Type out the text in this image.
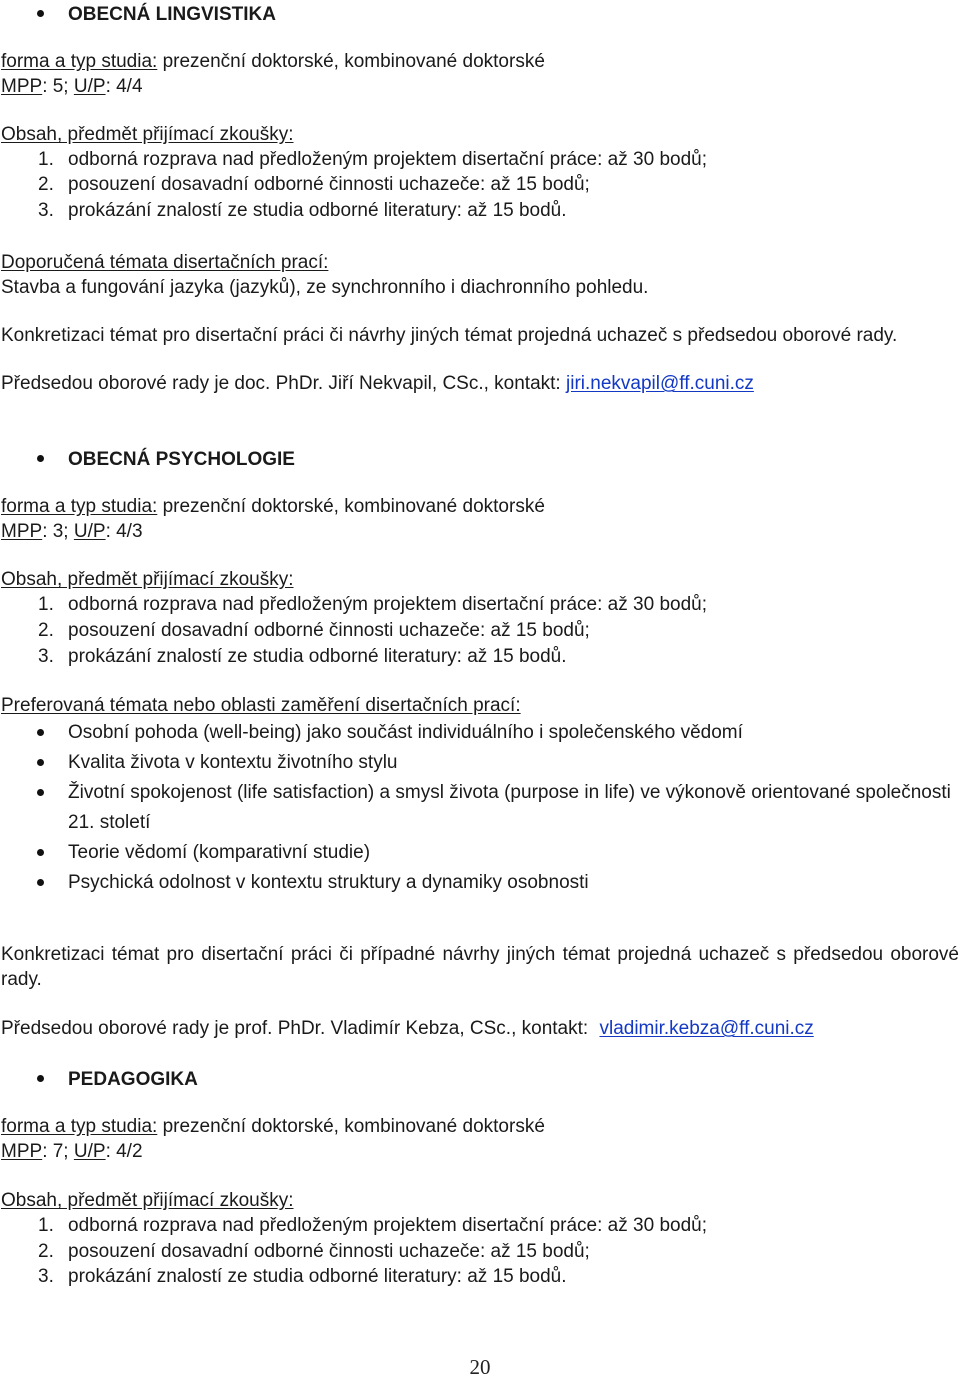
OBECNÁ LINGVISTIKA
forma a typ studia: prezenční doktorské, kombinované doktorské
MPP: 5; U/P: 4/4
Obsah, předmět přijímací zkoušky:
1. odborná rozprava nad předloženým projektem disertační práce: až 30 bodů;
2. posouzení dosavadní odborné činnosti uchazeče: až 15 bodů;
3. prokázání znalostí ze studia odborné literatury: až 15 bodů.
Doporučená témata disertačních prací:
Stavba a fungování jazyka (jazyků), ze synchronního i diachronního pohledu.
Konkretizaci témat pro disertační práci či návrhy jiných témat projedná uchazeč s předsedou oborové rady.
Předsedou oborové rady je doc. PhDr. Jiří Nekvapil, CSc., kontakt: jiri.nekvapil@ff.cuni.cz
OBECNÁ PSYCHOLOGIE
forma a typ studia: prezenční doktorské, kombinované doktorské
MPP: 3; U/P: 4/3
Obsah, předmět přijímací zkoušky:
1. odborná rozprava nad předloženým projektem disertační práce: až 30 bodů;
2. posouzení dosavadní odborné činnosti uchazeče: až 15 bodů;
3. prokázání znalostí ze studia odborné literatury: až 15 bodů.
Preferovaná témata nebo oblasti zaměření disertačních prací:
Osobní pohoda (well-being) jako součást individuálního i společenského vědomí
Kvalita života v kontextu životního stylu
Životní spokojenost (life satisfaction) a smysl života (purpose in life) ve výkonově orientované společnosti 21. století
Teorie vědomí (komparativní studie)
Psychická odolnost v kontextu struktury a dynamiky osobnosti
Konkretizaci témat pro disertační práci či případné návrhy jiných témat projedná uchazeč s předsedou oborové rady.
Předsedou oborové rady je prof. PhDr. Vladimír Kebza, CSc., kontakt: vladimir.kebza@ff.cuni.cz
PEDAGOGIKA
forma a typ studia: prezenční doktorské, kombinované doktorské
MPP: 7; U/P: 4/2
Obsah, předmět přijímací zkoušky:
1. odborná rozprava nad předloženým projektem disertační práce: až 30 bodů;
2. posouzení dosavadní odborné činnosti uchazeče: až 15 bodů;
3. prokázání znalostí ze studia odborné literatury: až 15 bodů.
20
